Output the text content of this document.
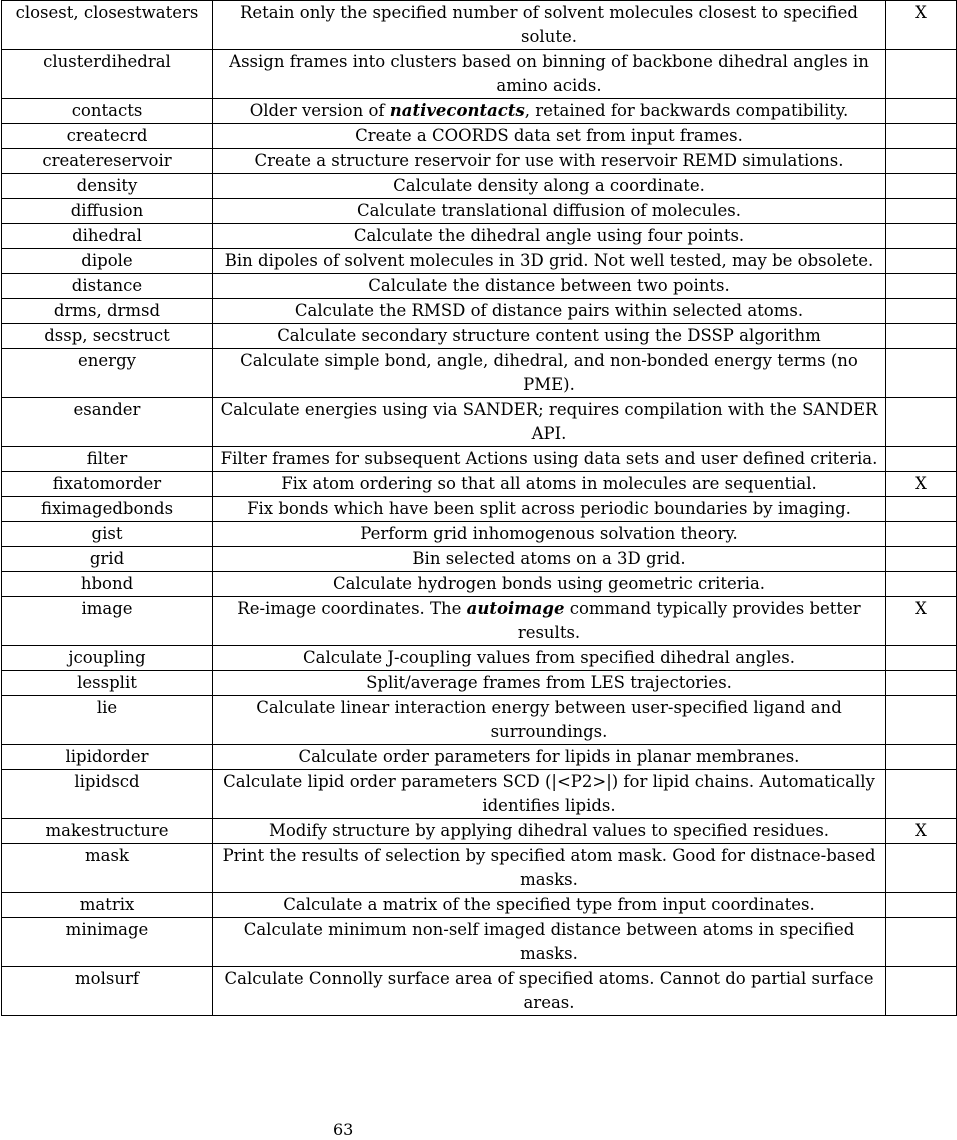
closest, closestwaters	Retain only the specified number of solvent molecules closest to specified solute.	X
clusterdihedral	Assign frames into clusters based on binning of backbone dihedral angles in amino acids.	
contacts	Older version of nativecontacts, retained for backwards compatibility.	
createcrd	Create a COORDS data set from input frames.	
createreservoir	Create a structure reservoir for use with reservoir REMD simulations.	
density	Calculate density along a coordinate.	
diffusion	Calculate translational diffusion of molecules.	
dihedral	Calculate the dihedral angle using four points.	
dipole	Bin dipoles of solvent molecules in 3D grid. Not well tested, may be obsolete.	
distance	Calculate the distance between two points.	
drms, drmsd	Calculate the RMSD of distance pairs within selected atoms.	
dssp, secstruct	Calculate secondary structure content using the DSSP algorithm	
energy	Calculate simple bond, angle, dihedral, and non-bonded energy terms (no PME).	
esander	Calculate energies using via SANDER; requires compilation with the SANDER API.	
filter	Filter frames for subsequent Actions using data sets and user defined criteria.	
fixatomorder	Fix atom ordering so that all atoms in molecules are sequential.	X
fiximagedbonds	Fix bonds which have been split across periodic boundaries by imaging.	
gist	Perform grid inhomogenous solvation theory.	
grid	Bin selected atoms on a 3D grid.	
hbond	Calculate hydrogen bonds using geometric criteria.	
image	Re-image coordinates. The autoimage command typically provides better results.	X
jcoupling	Calculate J-coupling values from specified dihedral angles.	
lessplit	Split/average frames from LES trajectories.	
lie	Calculate linear interaction energy between user-specified ligand and surroundings.	
lipidorder	Calculate order parameters for lipids in planar membranes.	
lipidscd	Calculate lipid order parameters SCD (|<P2>|) for lipid chains. Automatically identifies lipids.	
makestructure	Modify structure by applying dihedral values to specified residues.	X
mask	Print the results of selection by specified atom mask. Good for distnace-based masks.	
matrix	Calculate a matrix of the specified type from input coordinates.	
minimage	Calculate minimum non-self imaged distance between atoms in specified masks.	
molsurf	Calculate Connolly surface area of specified atoms. Cannot do partial surface areas.	
63
